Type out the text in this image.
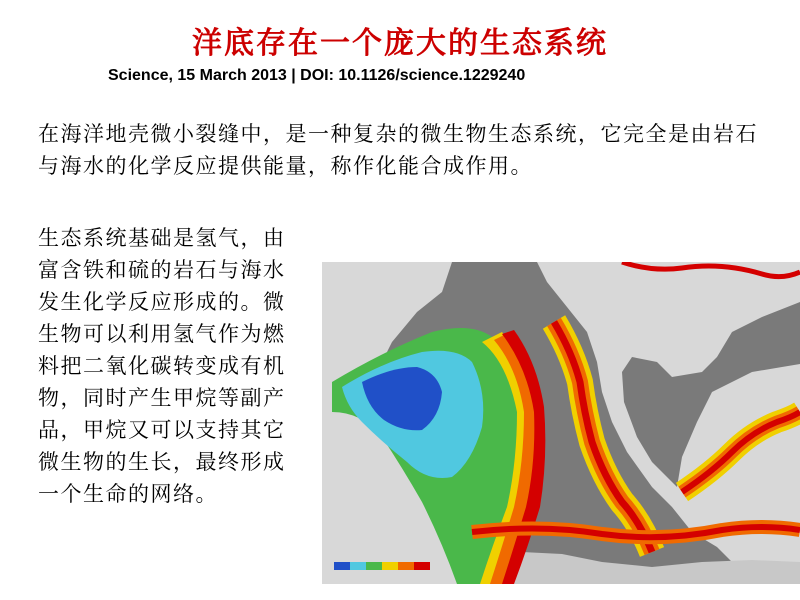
洋底存在一个庞大的生态系统
Science, 15 March 2013 | DOI: 10.1126/science.1229240
在海洋地壳微小裂缝中，是一种复杂的微生物生态系统，它完全是由岩石与海水的化学反应提供能量，称作化能合成作用。
生态系统基础是氢气，由富含铁和硫的岩石与海水发生化学反应形成的。微生物可以利用氢气作为燃料把二氧化碳转变成有机物，同时产生甲烷等副产品，甲烷又可以支持其它微生物的生长，最终形成一个生命的网络。
